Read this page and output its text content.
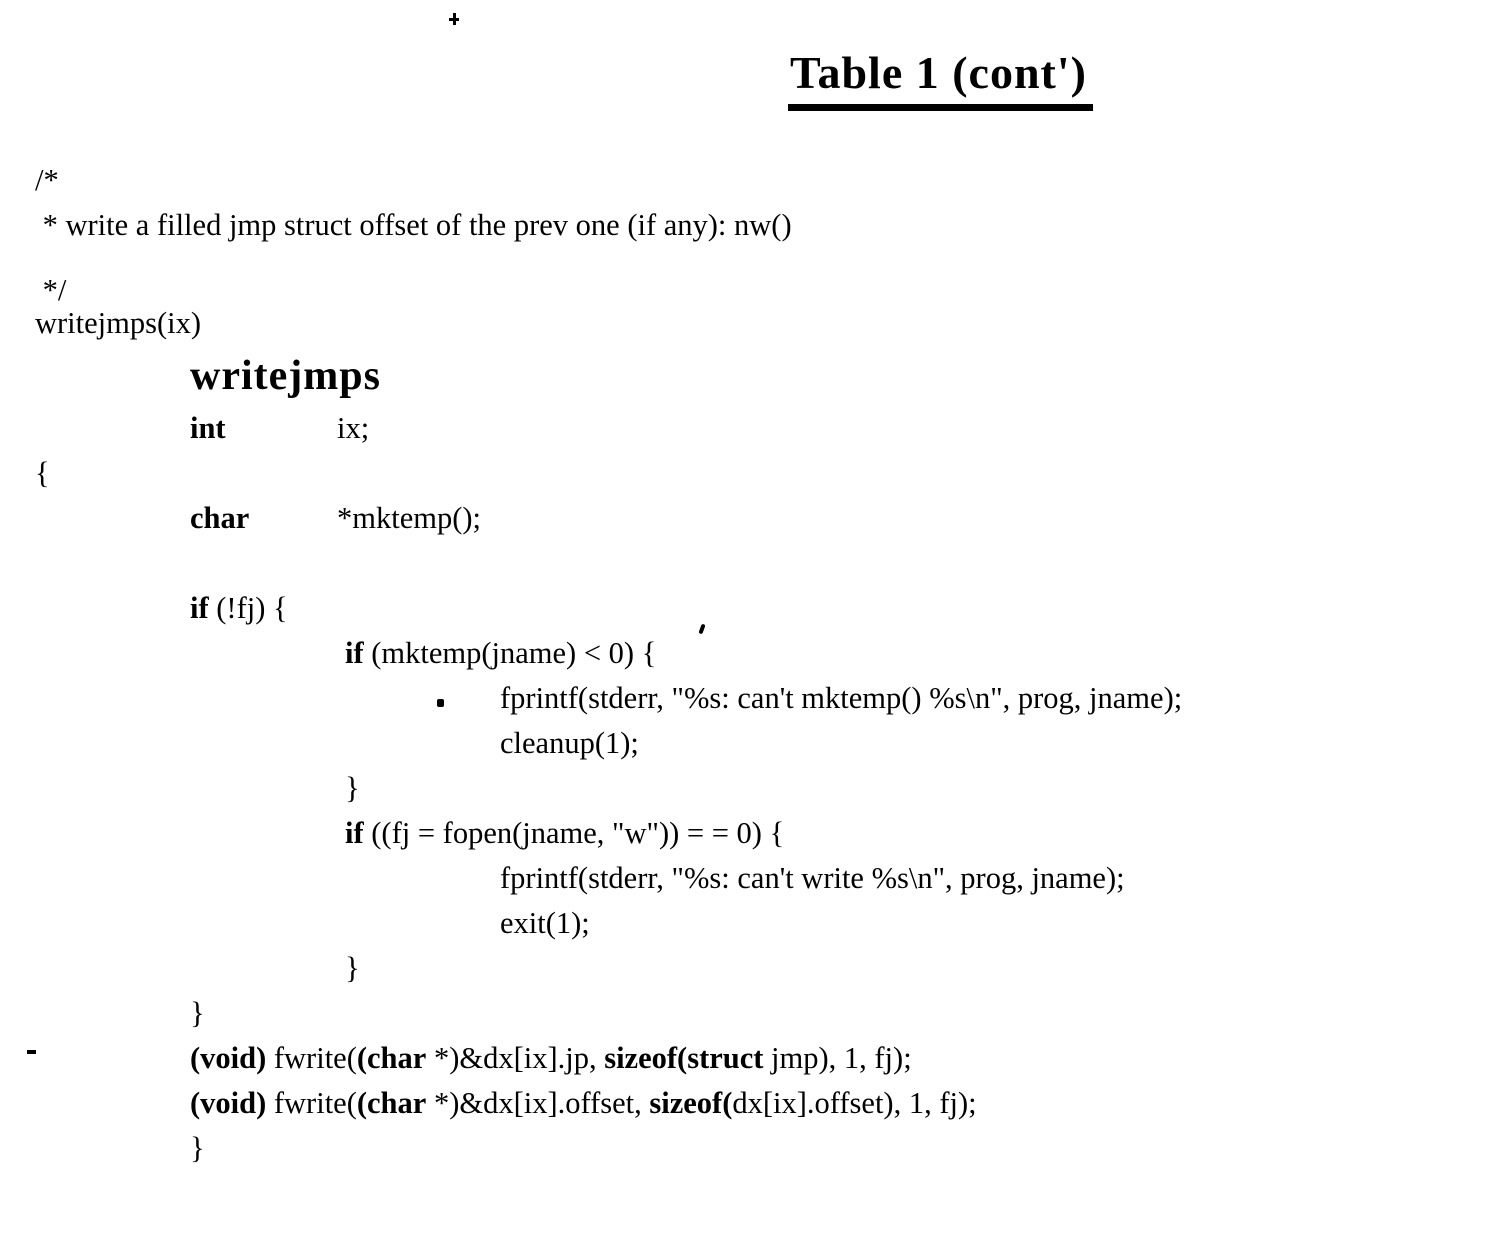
Table 1 (cont')
/*
* write a filled jmp struct offset of the prev one (if any): nw()
*/
writejmps(ix)
writejmps
int	ix;
{
char	*mktemp();
if (!fj) {
if (mktemp(jname) < 0) {
fprintf(stderr, "%s: can't mktemp() %s\n", prog, jname);
cleanup(1);
}
if ((fj = fopen(jname, "w")) = = 0) {
fprintf(stderr, "%s: can't write %s\n", prog, jname);
exit(1);
}
}
(void) fwrite((char *)&dx[ix].jp, sizeof(struct jmp), 1, fj);
(void) fwrite((char *)&dx[ix].offset, sizeof(dx[ix].offset), 1, fj);
}
